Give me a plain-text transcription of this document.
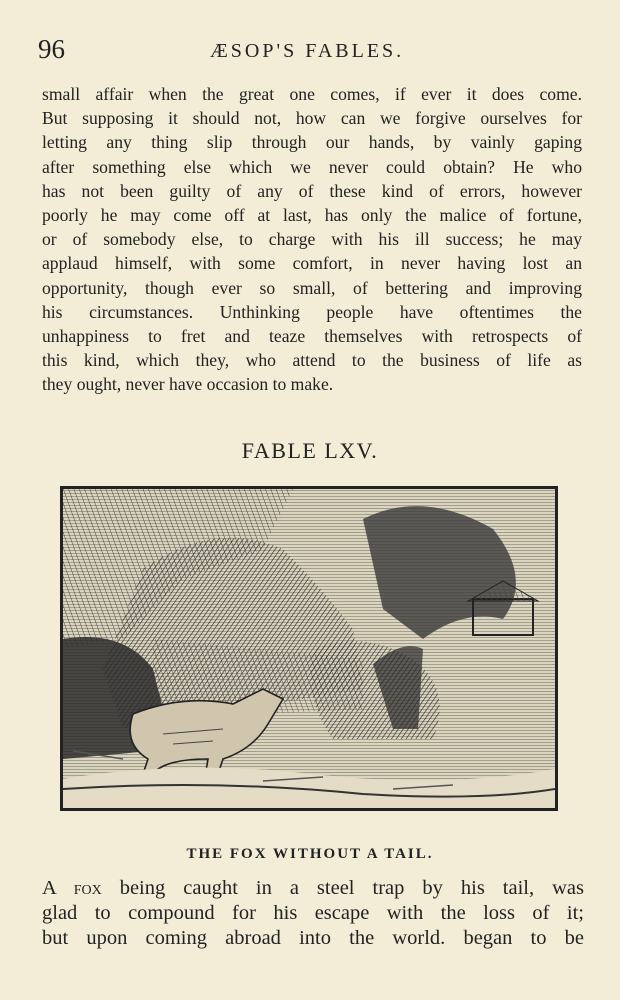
96	ÆSOP'S FABLES.
small affair when the great one comes, if ever it does come.
But supposing it should not, how can we forgive ourselves for
letting any thing slip through our hands, by vainly gaping
after something else which we never could obtain? He who
has not been guilty of any of these kind of errors, however
poorly he may come off at last, has only the malice of fortune,
or of somebody else, to charge with his ill success; he may
applaud himself, with some comfort, in never having lost an
opportunity, though ever so small, of bettering and improving
his circumstances. Unthinking people have oftentimes the
unhappiness to fret and teaze themselves with retrospects of
this kind, which they, who attend to the business of life as
they ought, never have occasion to make.
FABLE LXV.
THE FOX WITHOUT A TAIL.
A fox being caught in a steel trap by his tail, was
glad to compound for his escape with the loss of it;
but upon coming abroad into the world. began to be
